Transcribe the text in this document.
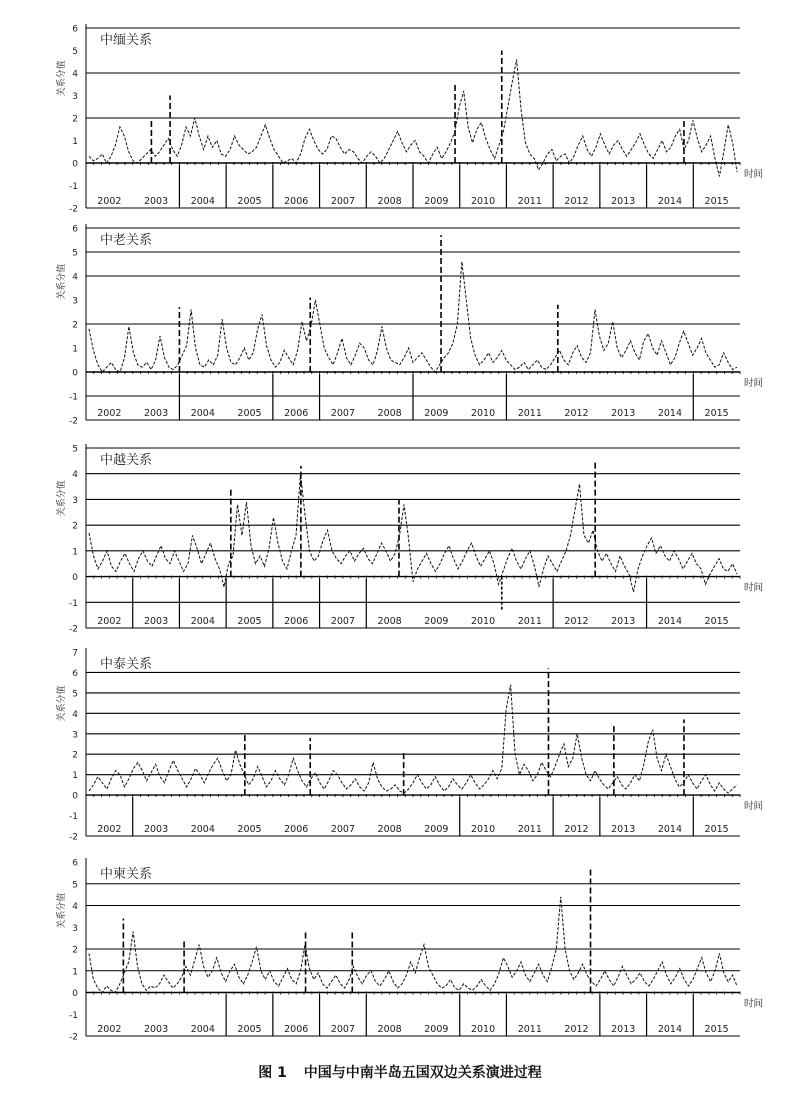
-2
-1
0
1
2
3
4
5
6
2002 2003 2004 2005 2006 2007 2008 2009 2010 2011 2012 2013 2014 2015
中缅关系
关系分值
时间
-2
-1
0
1
2
3
4
5
6
2002 2003 2004 2005 2006 2007 2008 2009 2010 2011 2012 2013 2014 2015
中老关系
关系分值
时间
-2
-1
0
1
2
3
4
5
2002 2003 2004 2005 2006 2007 2008 2009 2010 2011 2012 2013 2014 2015
中越关系
关系分值
时间
-2
-1
0
1
2
3
4
5
6
7
2002 2003 2004 2005 2006 2007 2008 2009 2010 2011 2012 2013 2014 2015
中泰关系
关系分值
时间
-2
-1
0
1
2
3
4
5
6
2002 2003 2004 2005 2006 2007 2008 2009 2010 2011 2012 2013 2014 2015
中柬关系
关系分值
时间
图 1 中国与中南半岛五国双边关系演进过程
